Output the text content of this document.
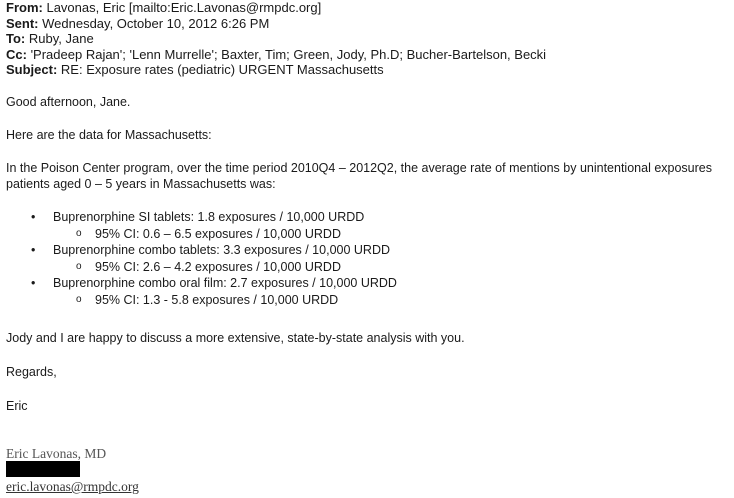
From: Lavonas, Eric [mailto:Eric.Lavonas@rmpdc.org]
Sent: Wednesday, October 10, 2012 6:26 PM
To: Ruby, Jane
Cc: 'Pradeep Rajan'; 'Lenn Murrelle'; Baxter, Tim; Green, Jody, Ph.D; Bucher-Bartelson, Becki
Subject: RE: Exposure rates (pediatric) URGENT Massachusetts
Good afternoon, Jane.
Here are the data for Massachusetts:
In the Poison Center program, over the time period 2010Q4 – 2012Q2, the average rate of mentions by unintentional exposures patients aged 0 – 5 years in Massachusetts was:
• Buprenorphine SI tablets: 1.8 exposures / 10,000 URDD
o 95% CI: 0.6 – 6.5 exposures / 10,000 URDD
• Buprenorphine combo tablets: 3.3 exposures / 10,000 URDD
o 95% CI: 2.6 – 4.2 exposures / 10,000 URDD
• Buprenorphine combo oral film: 2.7 exposures / 10,000 URDD
o 95% CI: 1.3 - 5.8 exposures / 10,000 URDD
Jody and I are happy to discuss a more extensive, state-by-state analysis with you.
Regards,
Eric
Eric Lavonas, MD
eric.lavonas@rmpdc.org
